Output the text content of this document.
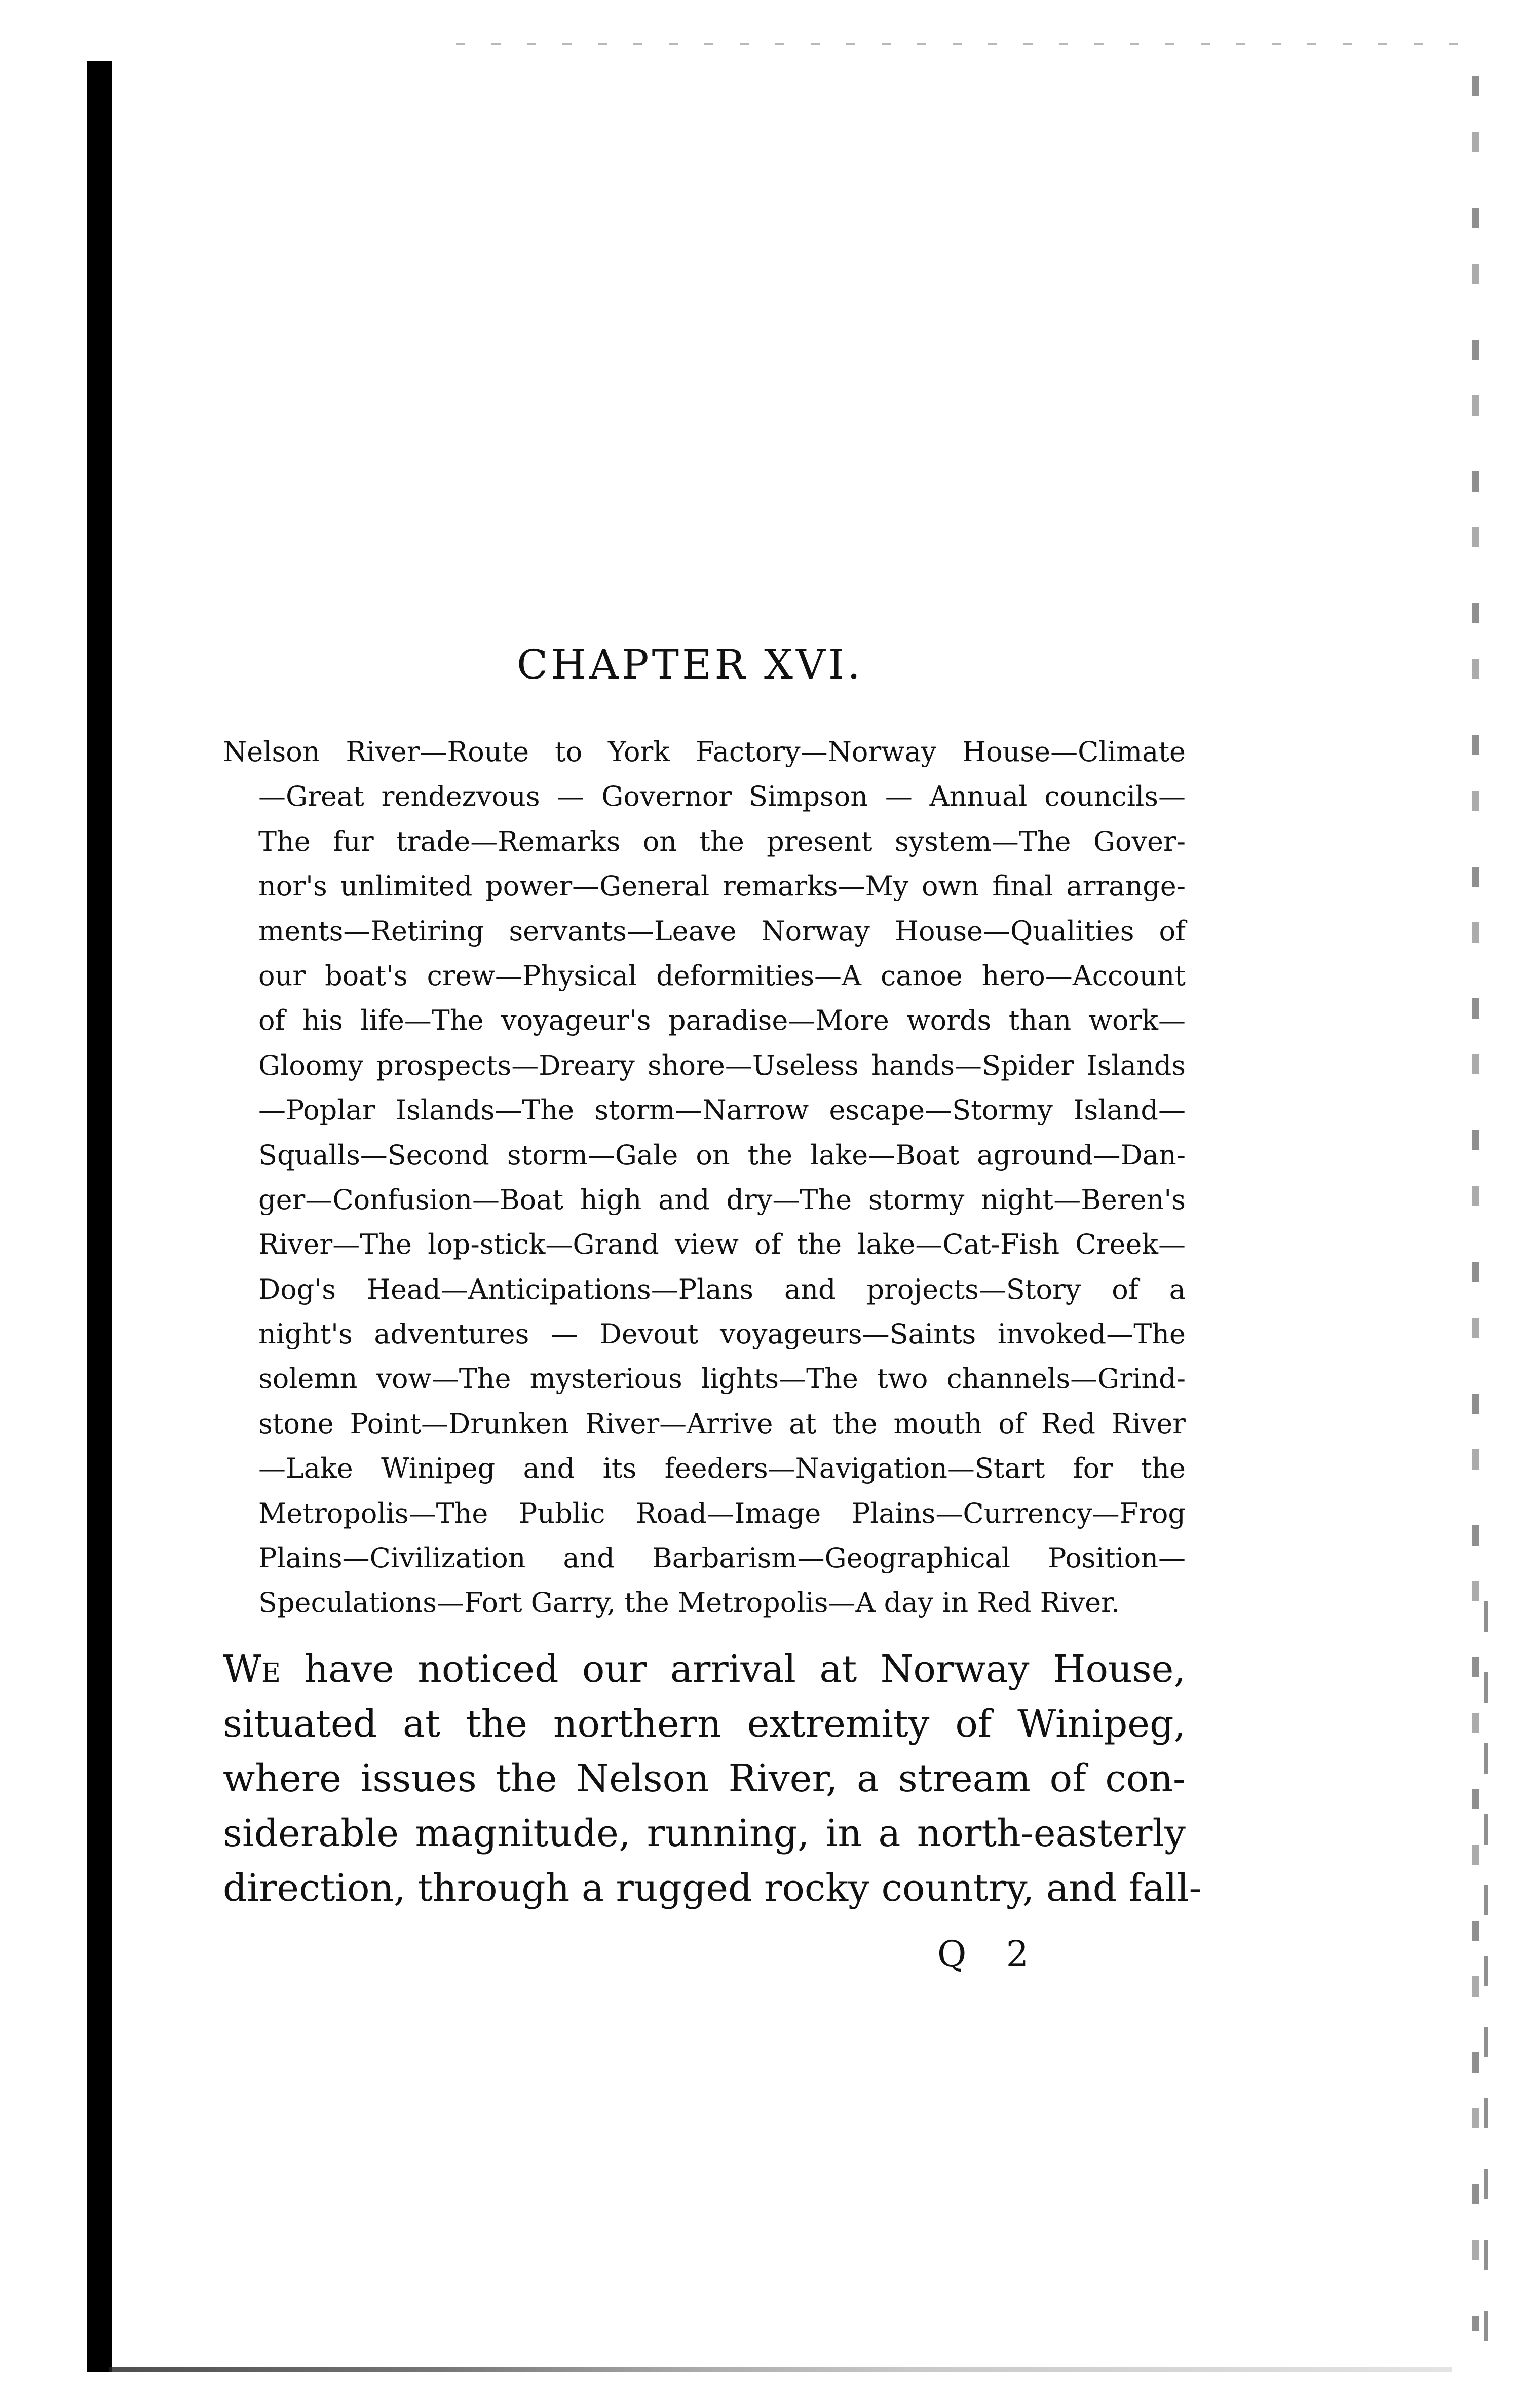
CHAPTER XVI.
Nelson River—Route to York Factory—Norway House—Climate
—Great rendezvous — Governor Simpson — Annual councils—
The fur trade—Remarks on the present system—The Gover-
nor's unlimited power—General remarks—My own final arrange-
ments—Retiring servants—Leave Norway House—Qualities of
our boat's crew—Physical deformities—A canoe hero—Account
of his life—The voyageur's paradise—More words than work—
Gloomy prospects—Dreary shore—Useless hands—Spider Islands
—Poplar Islands—The storm—Narrow escape—Stormy Island—
Squalls—Second storm—Gale on the lake—Boat aground—Dan-
ger—Confusion—Boat high and dry—The stormy night—Beren's
River—The lop-stick—Grand view of the lake—Cat-Fish Creek—
Dog's Head—Anticipations—Plans and projects—Story of a
night's adventures — Devout voyageurs—Saints invoked—The
solemn vow—The mysterious lights—The two channels—Grind-
stone Point—Drunken River—Arrive at the mouth of Red River
—Lake Winipeg and its feeders—Navigation—Start for the
Metropolis—The Public Road—Image Plains—Currency—Frog
Plains—Civilization and Barbarism—Geographical Position—
Speculations—Fort Garry, the Metropolis—A day in Red River.
We have noticed our arrival at Norway House,
situated at the northern extremity of Winipeg,
where issues the Nelson River, a stream of con-
siderable magnitude, running, in a north-easterly
direction, through a rugged rocky country, and fall-
Q 2
